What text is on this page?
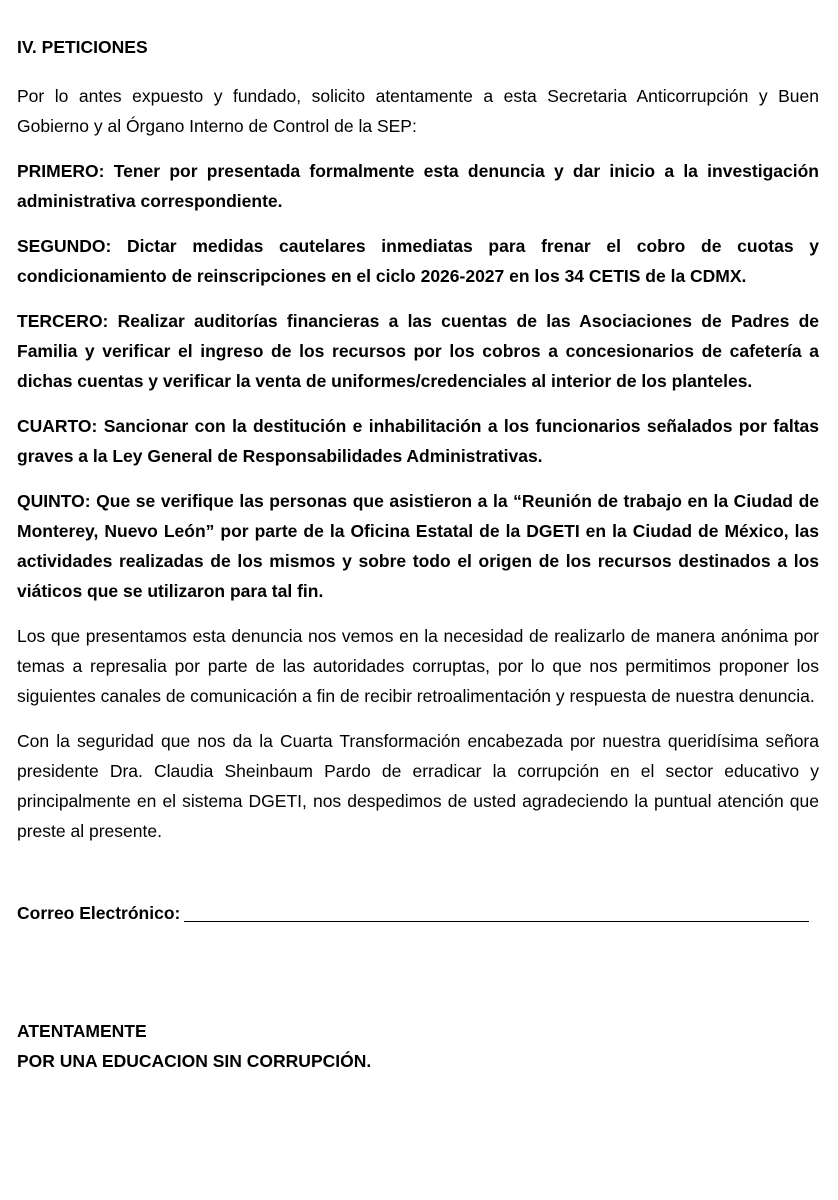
IV. PETICIONES

Por lo antes expuesto y fundado, solicito atentamente a esta Secretaria Anticorrupción y Buen Gobierno y al Órgano Interno de Control de la SEP:

PRIMERO: Tener por presentada formalmente esta denuncia y dar inicio a la investigación administrativa correspondiente.

SEGUNDO: Dictar medidas cautelares inmediatas para frenar el cobro de cuotas y condicionamiento de reinscripciones en el ciclo 2026-2027 en los 34 CETIS de la CDMX.

TERCERO: Realizar auditorías financieras a las cuentas de las Asociaciones de Padres de Familia y verificar el ingreso de los recursos por los cobros a concesionarios de cafetería a dichas cuentas y verificar la venta de uniformes/credenciales al interior de los planteles.

CUARTO: Sancionar con la destitución e inhabilitación a los funcionarios señalados por faltas graves a la Ley General de Responsabilidades Administrativas.

QUINTO: Que se verifique las personas que asistieron a la “Reunión de trabajo en la Ciudad de Monterey, Nuevo León” por parte de la Oficina Estatal de la DGETI en la Ciudad de México, las actividades realizadas de los mismos y sobre todo el origen de los recursos destinados a los viáticos que se utilizaron para tal fin.

Los que presentamos esta denuncia nos vemos en la necesidad de realizarlo de manera anónima por temas a represalia por parte de las autoridades corruptas, por lo que nos permitimos proponer los siguientes canales de comunicación a fin de recibir retroalimentación y respuesta de nuestra denuncia.

Con la seguridad que nos da la Cuarta Transformación encabezada por nuestra queridísima señora presidente Dra. Claudia Sheinbaum Pardo de erradicar la corrupción en el sector educativo y principalmente en el sistema DGETI, nos despedimos de usted agradeciendo la puntual atención que preste al presente.

Correo Electrónico:
ATENTAMENTE
POR UNA EDUCACION SIN CORRUPCIÓN.
